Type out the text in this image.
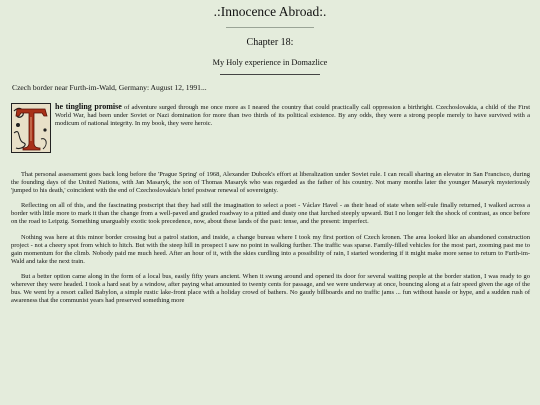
.:Innocence Abroad:.
Chapter 18:
My Holy experience in Domazlice
Czech border near Furth-im-Wald, Germany: August 12, 1991...

he tingling promise of adventure surged through me once more as I neared the country that could practically call oppression a birthright. Czechoslovakia, a child of the First World War, had been under Soviet or Nazi domination for more than two thirds of its political existence. By any odds, they were a strong people merely to have survived with a modicum of national integrity. In my book, they were heroic.

That personal assessment goes back long before the 'Prague Spring' of 1968, Alexander Dubcek's effort at liberalization under Soviet rule. I can recall sharing an elevator in San Francisco, during the founding days of the United Nations, with Jan Masaryk, the son of Thomas Masaryk who was regarded as the father of his country. Not many months later the younger Masaryk mysteriously 'jumped to his death,' coincident with the end of Czechoslovakia's brief postwar renewal of sovereignty.

Reflecting on all of this, and the fascinating postscript that they had still the imagination to select a poet - Václav Havel - as their head of state when self-rule finally returned, I walked across a border with little more to mark it than the change from a well-paved and graded roadway to a pitted and dusty one that lurched steeply upward. But I no longer felt the shock of contrast, as once before on the road to Leipzig. Something unarguably exotic took precedence, now, about these lands of the past: tense, and the present: imperfect.

Nothing was here at this minor border crossing but a patrol station, and inside, a change bureau where I took my first portion of Czech kronen. The area looked like an abandoned construction project - not a cheery spot from which to hitch. But with the steep hill in prospect I saw no point in walking further. The traffic was sparse. Family-filled vehicles for the most part, zooming past me to gain momentum for the climb. Nobody paid me much heed. After an hour of it, with the skies curdling into a possibility of rain, I started wondering if it might make more sense to return to Furth-im-Wald and take the next train.

But a better option came along in the form of a local bus, easily fifty years ancient. When it swung around and opened its door for several waiting people at the border station, I was ready to go wherever they were headed. I took a hard seat by a window, after paying what amounted to twenty cents for passage, and we were underway at once, bouncing along at a fair speed given the age of the bus. We went by a resort called Babylon, a simple rustic lake-front place with a holiday crowd of bathers. No gaudy billboards and no traffic jams ... fun without hassle or hype, and a sudden rush of awareness that the communist years had preserved something more
